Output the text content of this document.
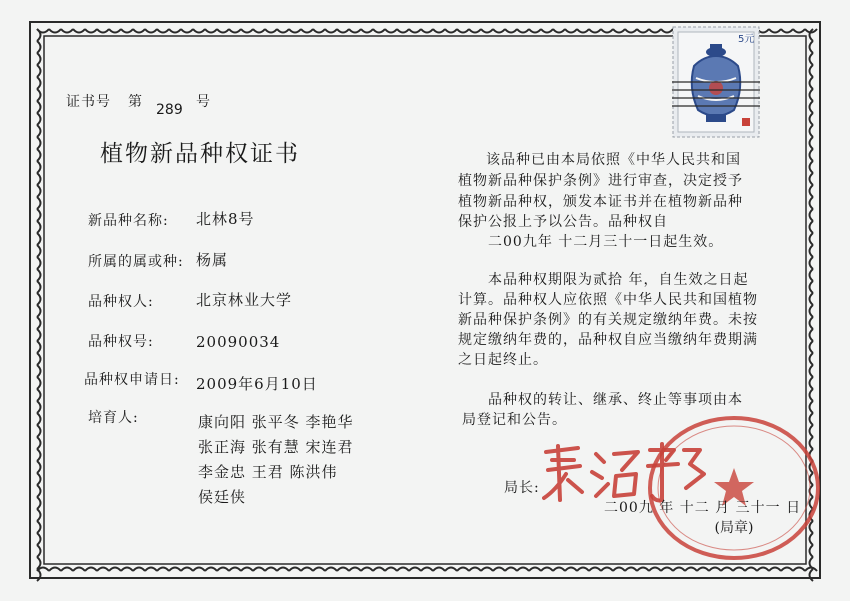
5元
证书号 第 289 号
植物新品种权证书
新品种名称: 北林8号
所属的属或种: 杨属
品种权人:	北京林业大学
品种权号:	20090034
品种权申请日: 2009年6月10日
培育人:	康向阳 张平冬 李艳华
张正海 张有慧 宋连君
李金忠 王君 陈洪伟
侯廷侠
该品种已由本局依照《中华人民共和国
植物新品种保护条例》进行审查，决定授予
植物新品种权，颁发本证书并在植物新品种
保护公报上予以公告。品种权自
二00九年 十二月三十一日起生效。
本品种权期限为贰拾 年，自生效之日起
计算。品种权人应依照《中华人民共和国植物
新品种保护条例》的有关规定缴纳年费。未按
规定缴纳年费的，品种权自应当缴纳年费期满
之日起终止。
品种权的转让、继承、终止等事项由本
局登记和公告。
(局章)
局长:
二00九 年 十二 月 三十一 日
